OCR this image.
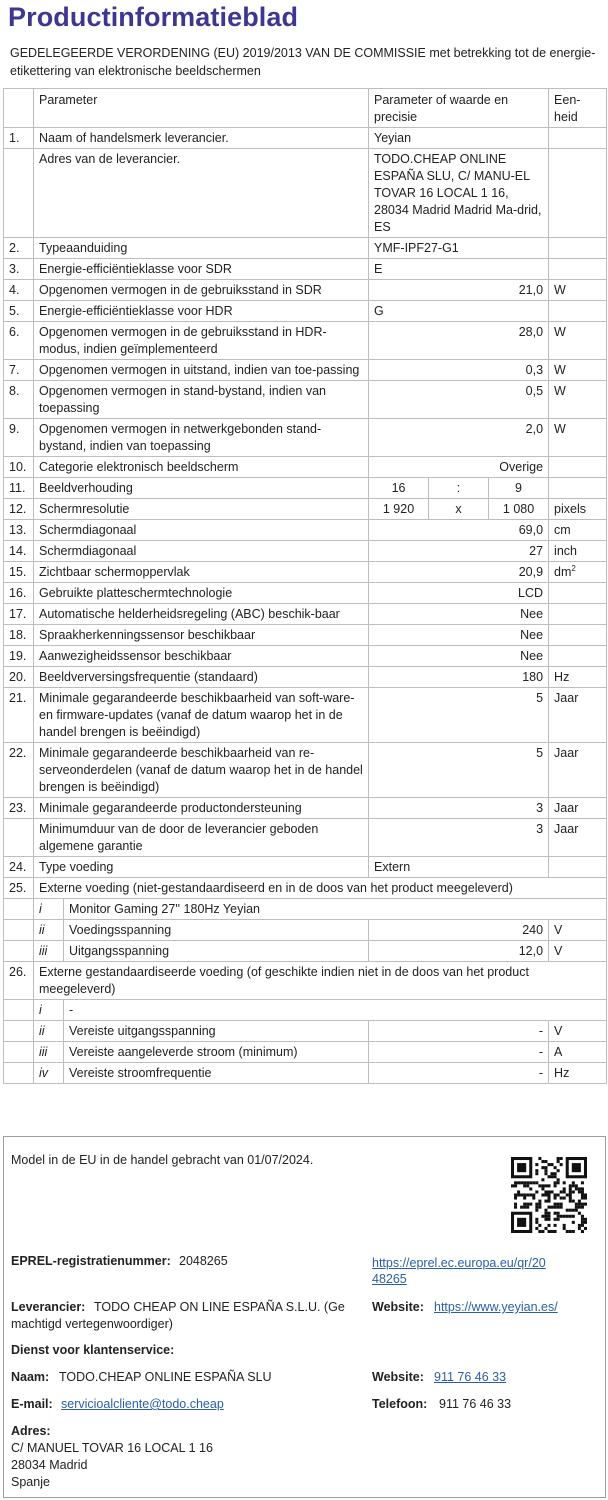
Productinformatieblad
GEDELEGEERDE VERORDENING (EU) 2019/2013 VAN DE COMMISSIE met betrekking tot de energie-etikettering van elektronische beeldschermen
	Parameter		Parameter of waarde en precisie			Een-heid
1.	Naam of handelsmerk leverancier.		Yeyian			
	Adres van de leverancier.		TODO.CHEAP ONLINE ESPAÑA SLU, C/ MANU-EL TOVAR 16 LOCAL 1 16, 28034 Madrid Madrid Ma-drid, ES			
2.	Typeaanduiding		YMF-IPF27-G1			
3.	Energie-efficiëntieklasse voor SDR		E			
4.	Opgenomen vermogen in de gebruiksstand in SDR		21,0			W
5.	Energie-efficiëntieklasse voor HDR		G			
6.	Opgenomen vermogen in de gebruiksstand in HDR-modus, indien geïmplementeerd		28,0			W
7.	Opgenomen vermogen in uitstand, indien van toe-passing		0,3			W
8.	Opgenomen vermogen in stand-bystand, indien van toepassing		0,5			W
9.	Opgenomen vermogen in netwerkgebonden stand-bystand, indien van toepassing		2,0			W
10.	Categorie elektronisch beeldscherm		Overige			
11.	Beeldverhouding		16	:	9	
12.	Schermresolutie		1 920	x	1 080	pixels
13.	Schermdiagonaal		69,0			cm
14.	Schermdiagonaal		27			inch
15.	Zichtbaar schermoppervlak		20,9			$dm^2$
16.	Gebruikte platteschermtechnologie		LCD			
17.	Automatische helderheidsregeling (ABC) beschik-baar		Nee			
18.	Spraakherkenningssensor beschikbaar		Nee			
19.	Aanwezigheidssensor beschikbaar		Nee			
20.	Beeldverversingsfrequentie (standaard)		180			Hz
21.	Minimale gegarandeerde beschikbaarheid van soft-ware- en firmware-updates (vanaf de datum waarop het in de handel brengen is beëindigd)		5			Jaar
22.	Minimale gegarandeerde beschikbaarheid van re-serveonderdelen (vanaf de datum waarop het in de handel brengen is beëindigd)		5			Jaar
23.	Minimale gegarandeerde productondersteuning		3			Jaar
	Minimumduur van de door de leverancier geboden algemene garantie		3			Jaar
24.	Type voeding		Extern			
25.	Externe voeding (niet-gestandaardiseerd en in de doos van het product meegeleverd)					
	i	Monitor Gaming 27'' 180Hz Yeyian				
	ii	Voedingsspanning	240			V
	iii	Uitgangsspanning	12,0			V
26.	Externe gestandaardiseerde voeding (of geschikte indien niet in de doos van het product meegeleverd)					
	i	-				
	ii	Vereiste uitgangsspanning	-			V
	iii	Vereiste aangeleverde stroom (minimum)	-			A
	iv	Vereiste stroomfrequentie	-			Hz
Model in de EU in de handel gebracht van 01/07/2024.
EPREL-registratienummer: 2048265	https://eprel.ec.europa.eu/qr/20
48265
Leverancier: TODO CHEAP ON LINE ESPAÑA S.L.U. (Ge
machtigd vertegenwoordiger)
Website: https://www.yeyian.es/
Dienst voor klantenservice:
Naam: TODO.CHEAP ONLINE ESPAÑA SLU	Website: 911 76 46 33
E-mail: servicioalcliente@todo.cheap	Telefoon: 911 76 46 33
Adres:
C/ MANUEL TOVAR 16 LOCAL 1 16
28034 Madrid
Spanje
